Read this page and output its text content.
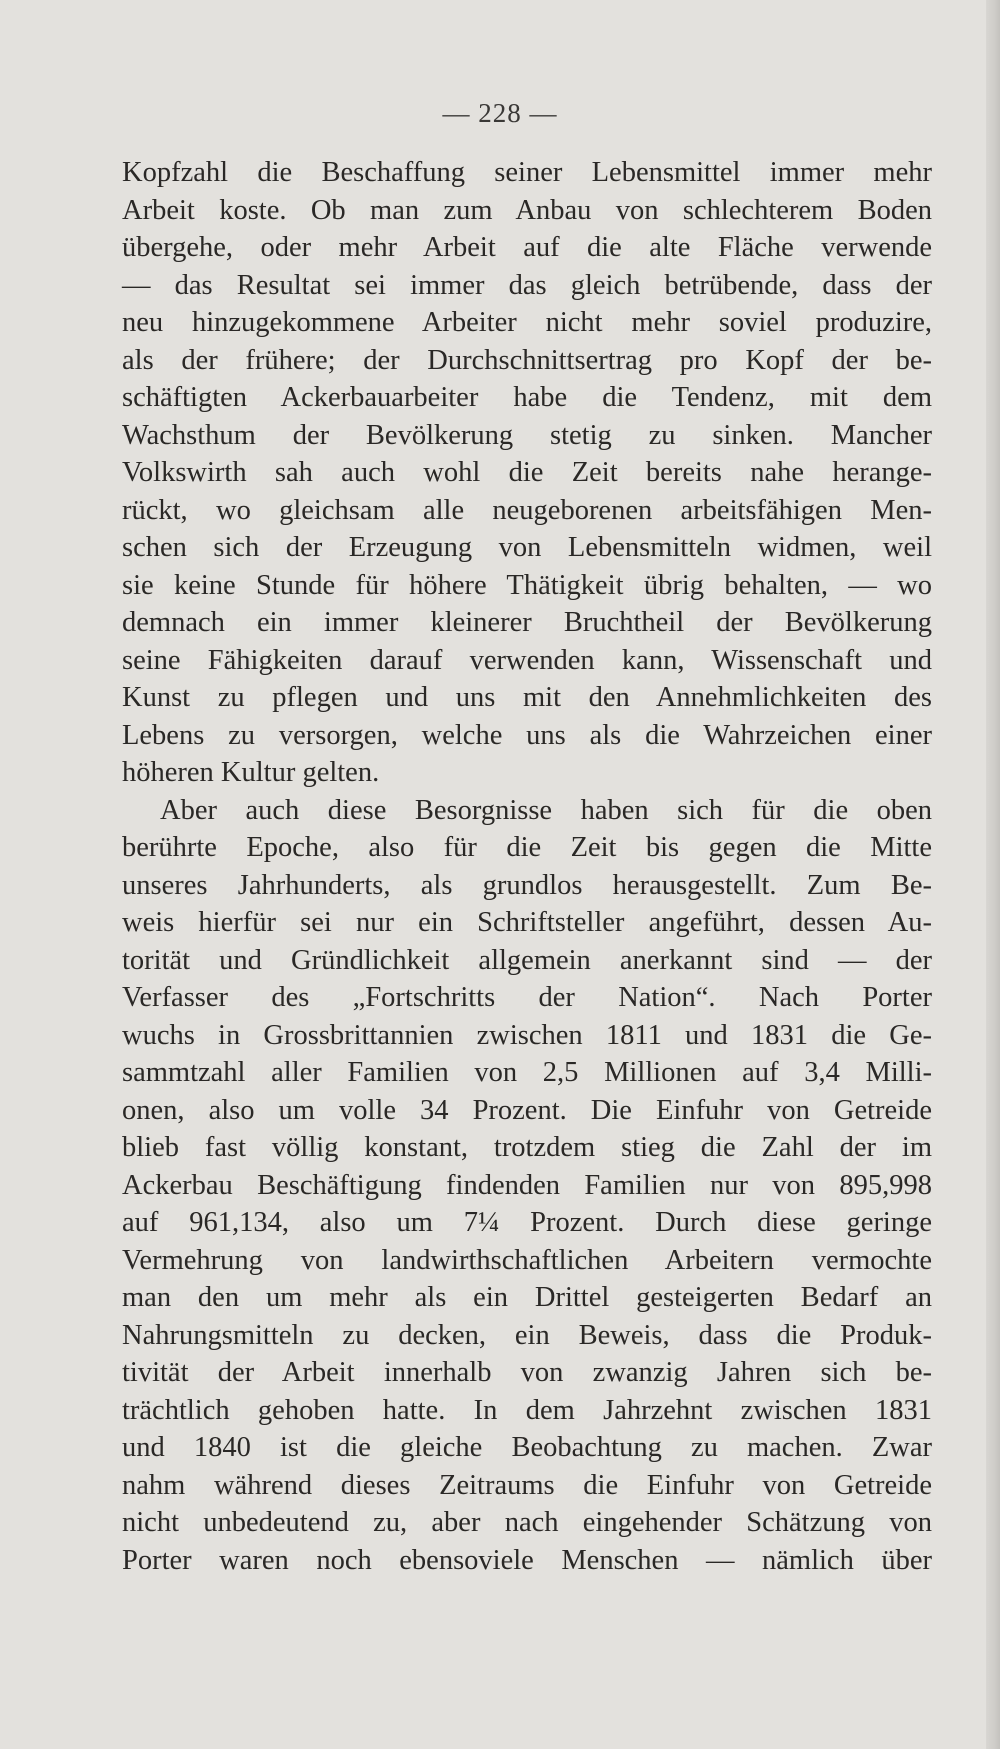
— 228 —
Kopfzahl die Beschaffung seiner Lebensmittel immer mehr
Arbeit koste. Ob man zum Anbau von schlechterem Boden
übergehe, oder mehr Arbeit auf die alte Fläche verwende
— das Resultat sei immer das gleich betrübende, dass der
neu hinzugekommene Arbeiter nicht mehr soviel produzire,
als der frühere; der Durchschnittsertrag pro Kopf der be-
schäftigten Ackerbauarbeiter habe die Tendenz, mit dem
Wachsthum der Bevölkerung stetig zu sinken. Mancher
Volkswirth sah auch wohl die Zeit bereits nahe herange-
rückt, wo gleichsam alle neugeborenen arbeitsfähigen Men-
schen sich der Erzeugung von Lebensmitteln widmen, weil
sie keine Stunde für höhere Thätigkeit übrig behalten, — wo
demnach ein immer kleinerer Bruchtheil der Bevölkerung
seine Fähigkeiten darauf verwenden kann, Wissenschaft und
Kunst zu pflegen und uns mit den Annehmlichkeiten des
Lebens zu versorgen, welche uns als die Wahrzeichen einer
höheren Kultur gelten.
Aber auch diese Besorgnisse haben sich für die oben
berührte Epoche, also für die Zeit bis gegen die Mitte
unseres Jahrhunderts, als grundlos herausgestellt. Zum Be-
weis hierfür sei nur ein Schriftsteller angeführt, dessen Au-
torität und Gründlichkeit allgemein anerkannt sind — der
Verfasser des „Fortschritts der Nation“. Nach Porter
wuchs in Grossbrittannien zwischen 1811 und 1831 die Ge-
sammtzahl aller Familien von 2,5 Millionen auf 3,4 Milli-
onen, also um volle 34 Prozent. Die Einfuhr von Getreide
blieb fast völlig konstant, trotzdem stieg die Zahl der im
Ackerbau Beschäftigung findenden Familien nur von 895,998
auf 961,134, also um 7¼ Prozent. Durch diese geringe
Vermehrung von landwirthschaftlichen Arbeitern vermochte
man den um mehr als ein Drittel gesteigerten Bedarf an
Nahrungsmitteln zu decken, ein Beweis, dass die Produk-
tivität der Arbeit innerhalb von zwanzig Jahren sich be-
trächtlich gehoben hatte. In dem Jahrzehnt zwischen 1831
und 1840 ist die gleiche Beobachtung zu machen. Zwar
nahm während dieses Zeitraums die Einfuhr von Getreide
nicht unbedeutend zu, aber nach eingehender Schätzung von
Porter waren noch ebensoviele Menschen — nämlich über
